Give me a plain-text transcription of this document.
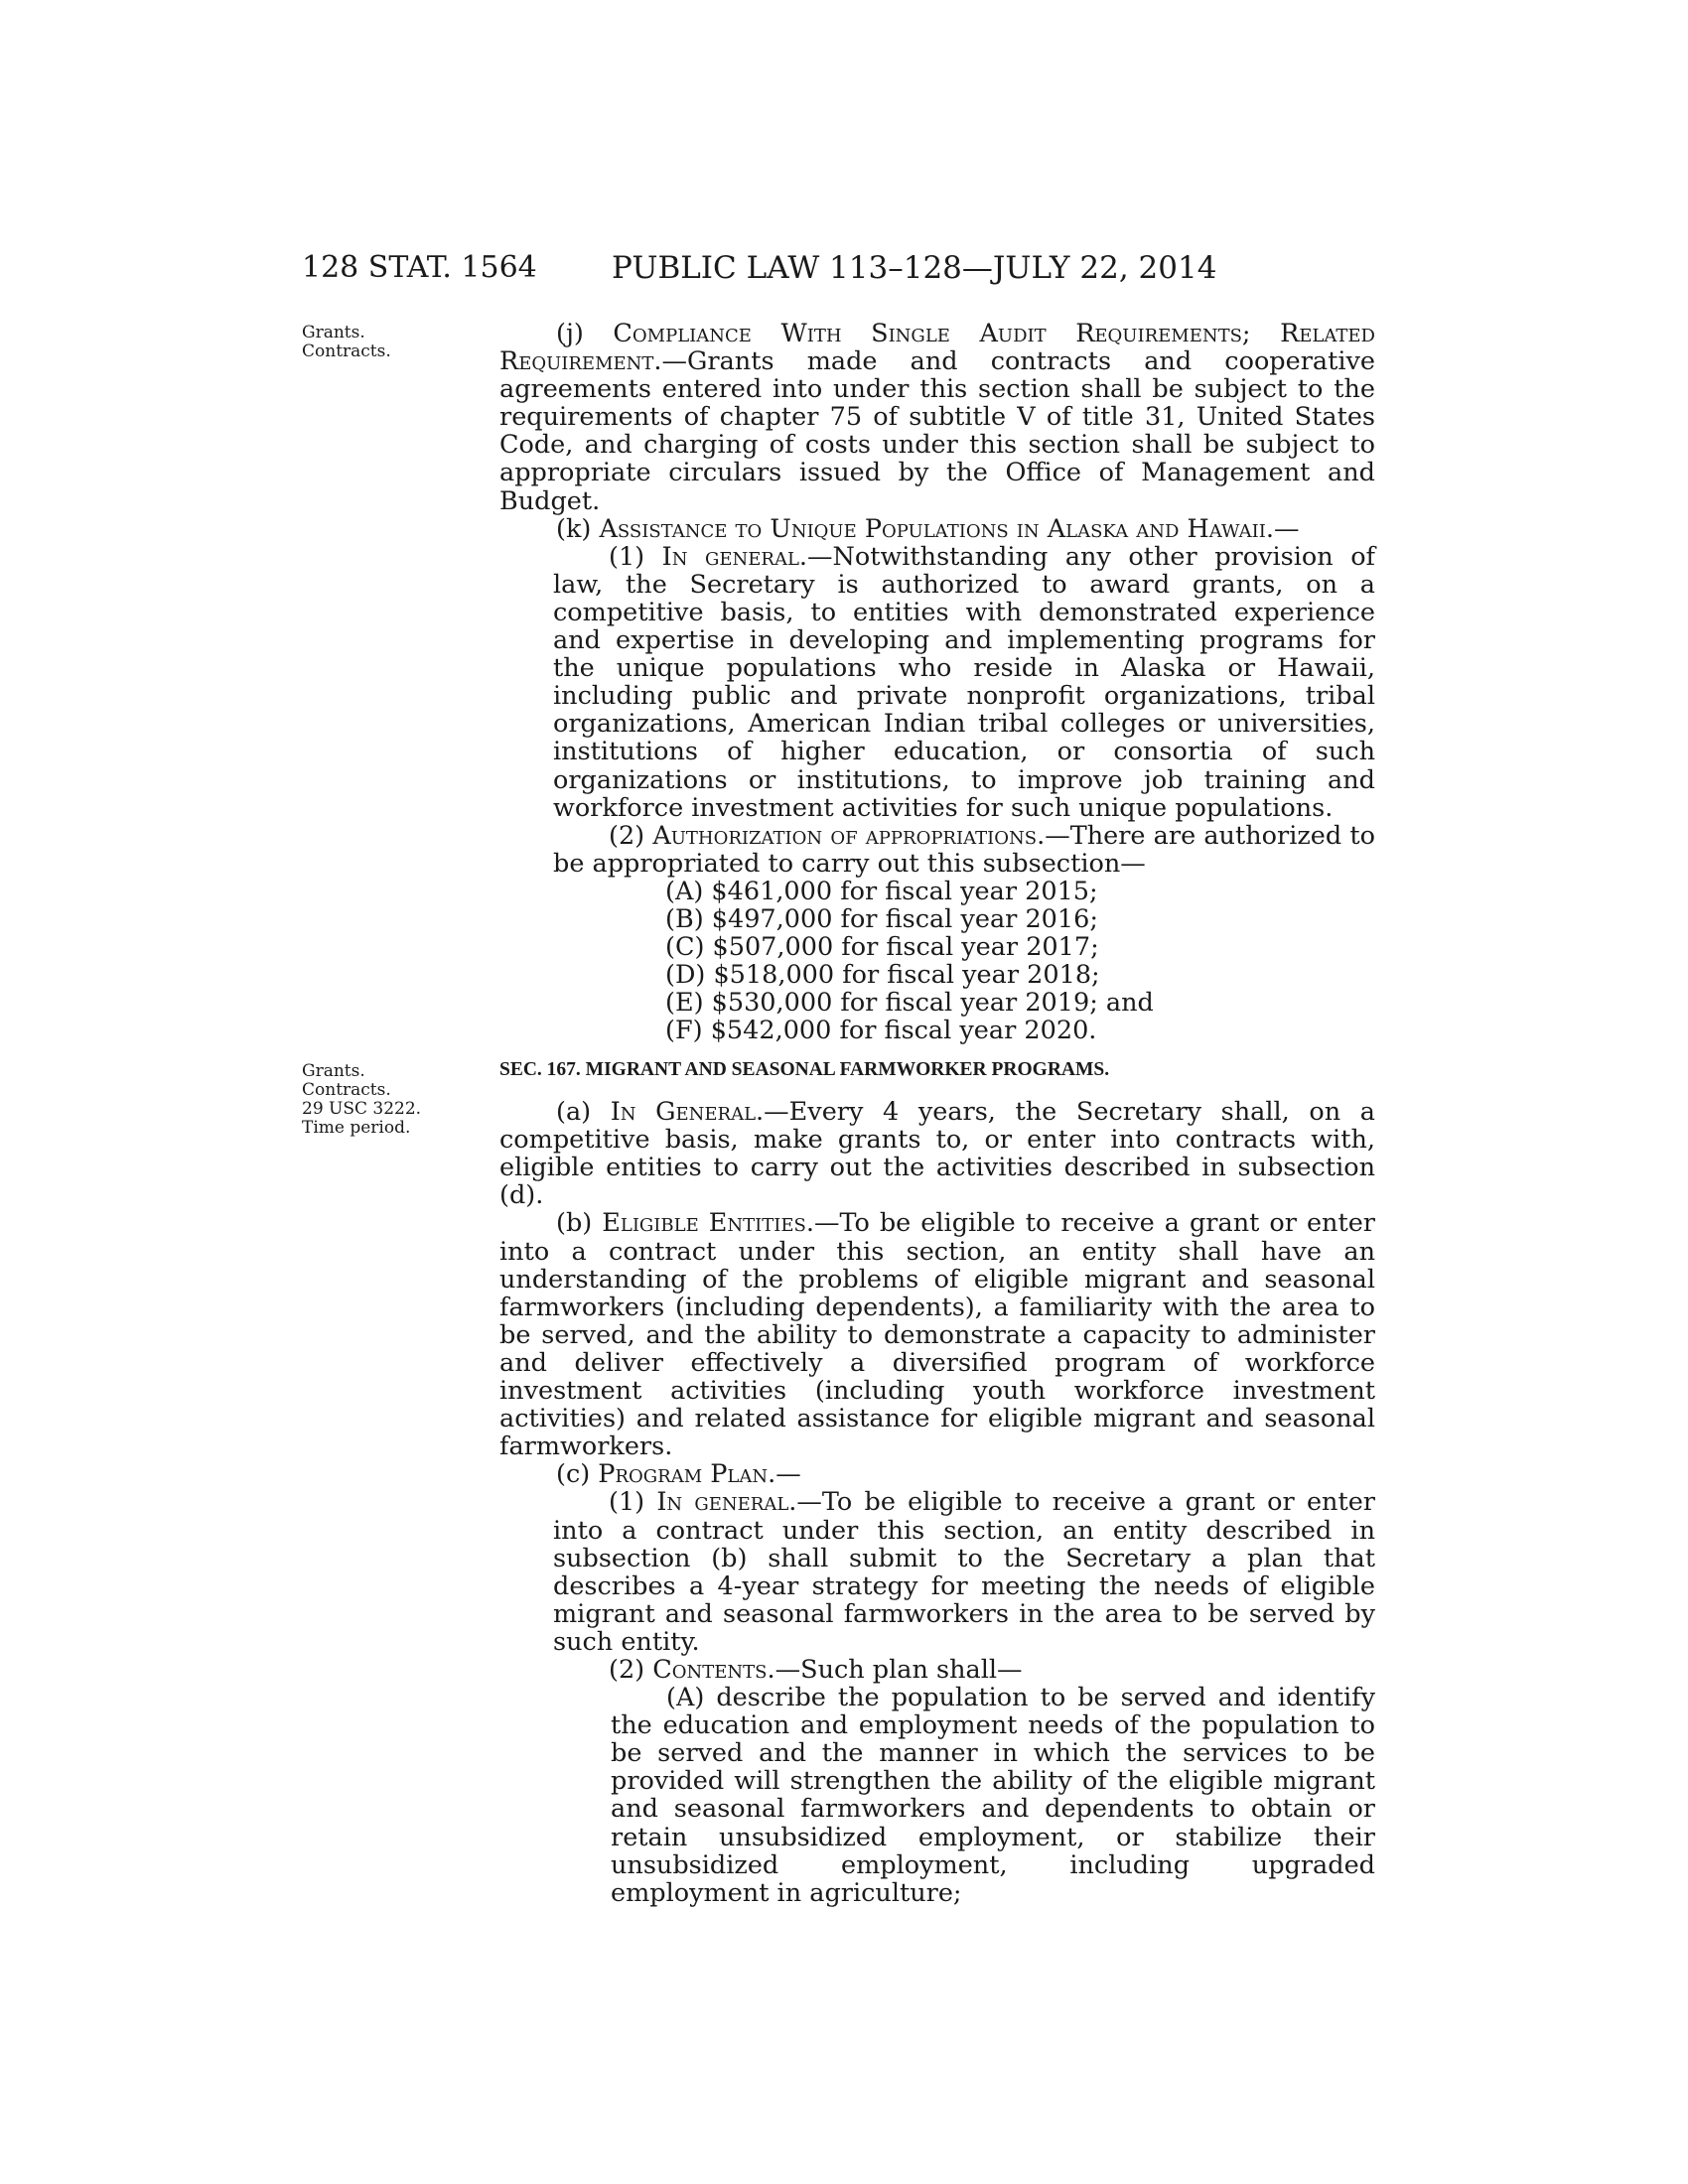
128 STAT. 1564 PUBLIC LAW 113–128—JULY 22, 2014
Grants.
Contracts.
Grants.
Contracts.
29 USC 3222.
Time period.

(j) Compliance With Single Audit Requirements; Related Requirement.—Grants made and contracts and cooperative agreements entered into under this section shall be subject to the requirements of chapter 75 of subtitle V of title 31, United States Code, and charging of costs under this section shall be subject to appropriate circulars issued by the Office of Management and Budget.

(k) Assistance to Unique Populations in Alaska and Hawaii.—

(1) In general.—Notwithstanding any other provision of law, the Secretary is authorized to award grants, on a competitive basis, to entities with demonstrated experience and expertise in developing and implementing programs for the unique populations who reside in Alaska or Hawaii, including public and private nonprofit organizations, tribal organizations, American Indian tribal colleges or universities, institutions of higher education, or consortia of such organizations or institutions, to improve job training and workforce investment activities for such unique populations.

(2) Authorization of appropriations.—There are authorized to be appropriated to carry out this subsection—

(A) $461,000 for fiscal year 2015;
(B) $497,000 for fiscal year 2016;
(C) $507,000 for fiscal year 2017;
(D) $518,000 for fiscal year 2018;
(E) $530,000 for fiscal year 2019; and
(F) $542,000 for fiscal year 2020.

SEC. 167. MIGRANT AND SEASONAL FARMWORKER PROGRAMS.

(a) In General.—Every 4 years, the Secretary shall, on a competitive basis, make grants to, or enter into contracts with, eligible entities to carry out the activities described in subsection (d).

(b) Eligible Entities.—To be eligible to receive a grant or enter into a contract under this section, an entity shall have an understanding of the problems of eligible migrant and seasonal farmworkers (including dependents), a familiarity with the area to be served, and the ability to demonstrate a capacity to administer and deliver effectively a diversified program of workforce investment activities (including youth workforce investment activities) and related assistance for eligible migrant and seasonal farmworkers.

(c) Program Plan.—

(1) In general.—To be eligible to receive a grant or enter into a contract under this section, an entity described in subsection (b) shall submit to the Secretary a plan that describes a 4-year strategy for meeting the needs of eligible migrant and seasonal farmworkers in the area to be served by such entity.

(2) Contents.—Such plan shall—

(A) describe the population to be served and identify the education and employment needs of the population to be served and the manner in which the services to be provided will strengthen the ability of the eligible migrant and seasonal farmworkers and dependents to obtain or retain unsubsidized employment, or stabilize their unsubsidized employment, including upgraded employment in agriculture;
